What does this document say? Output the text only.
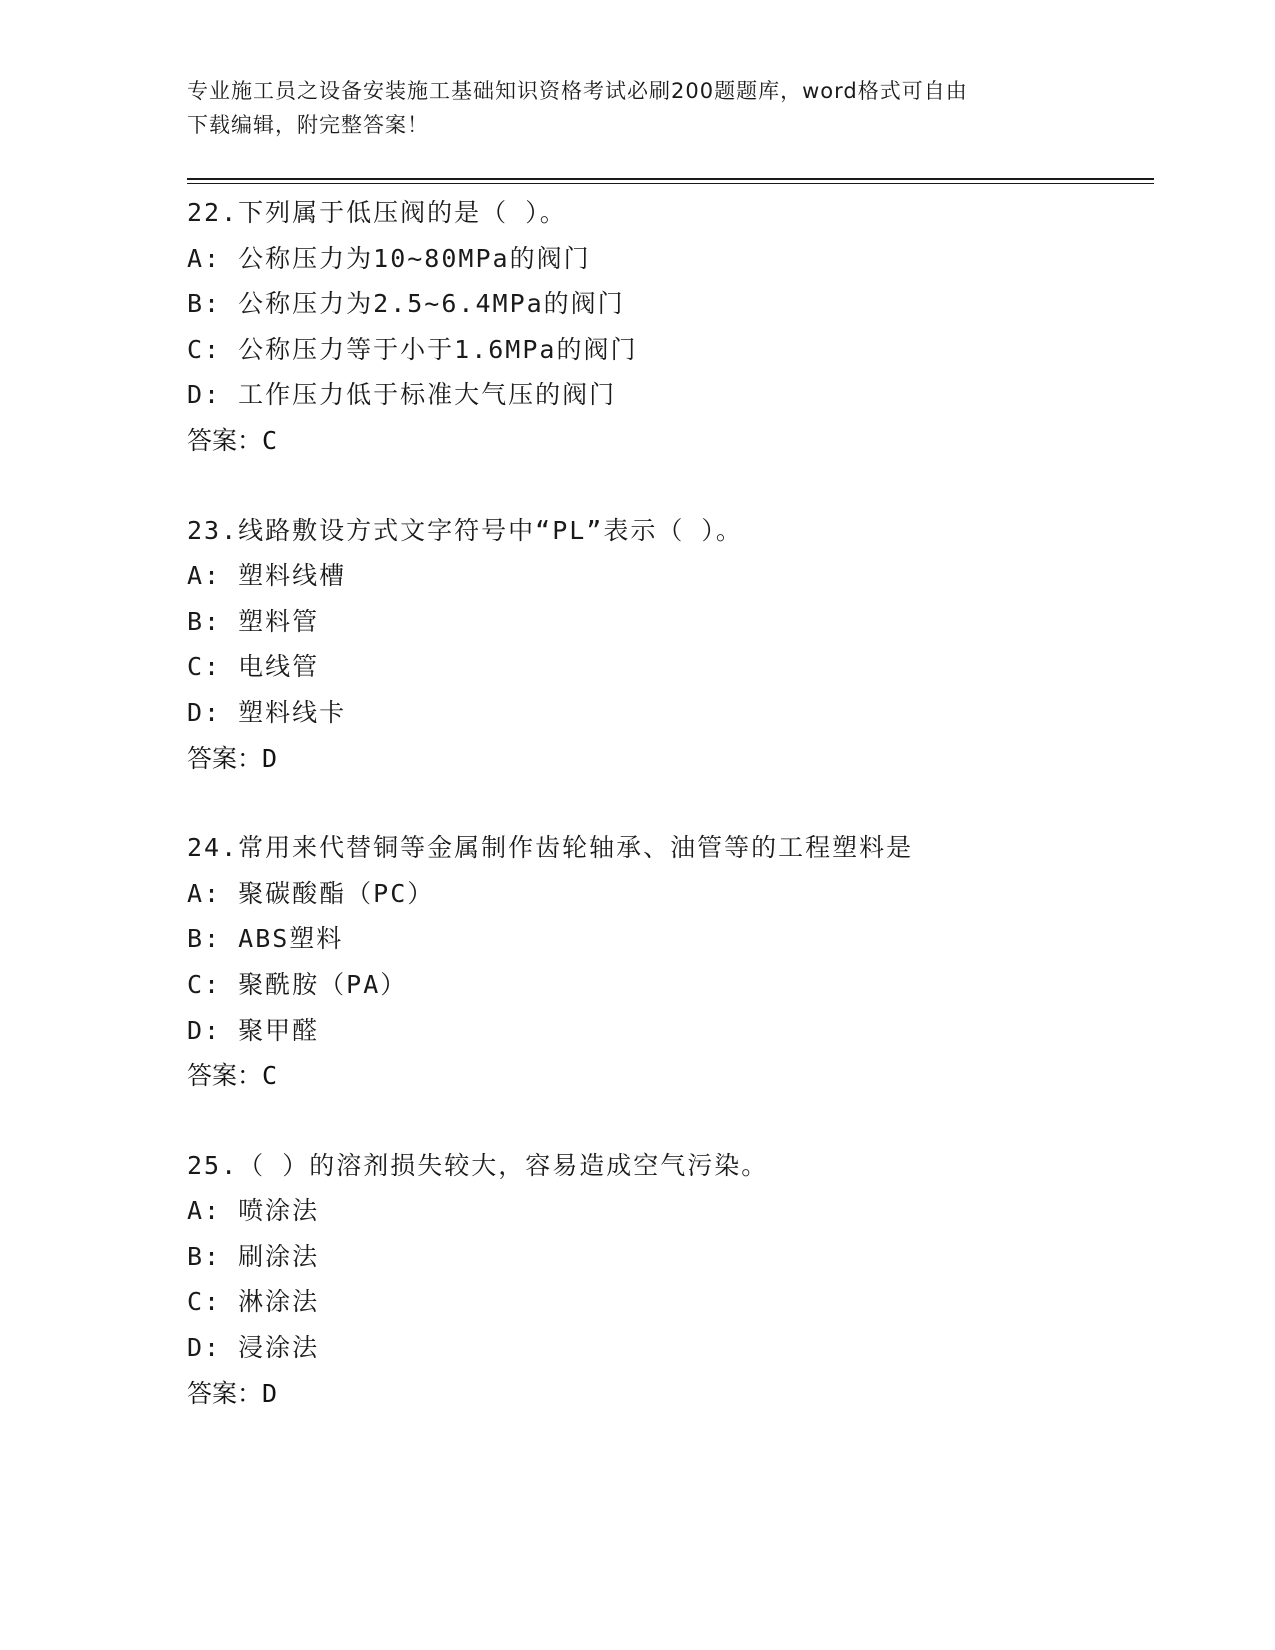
专业施工员之设备安装施工基础知识资格考试必刷200题题库，word格式可自由
下载编辑，附完整答案！
22.下列属于低压阀的是（ ）。
A: 公称压力为10~80MPa的阀门
B: 公称压力为2.5~6.4MPa的阀门
C: 公称压力等于小于1.6MPa的阀门
D: 工作压力低于标准大气压的阀门
答案：C
23.线路敷设方式文字符号中“PL”表示（ ）。
A: 塑料线槽
B: 塑料管
C: 电线管
D: 塑料线卡
答案：D
24.常用来代替铜等金属制作齿轮轴承、油管等的工程塑料是
A: 聚碳酸酯（PC）
B: ABS塑料
C: 聚酰胺（PA）
D: 聚甲醛
答案：C
25.（ ）的溶剂损失较大，容易造成空气污染。
A: 喷涂法
B: 刷涂法
C: 淋涂法
D: 浸涂法
答案：D
